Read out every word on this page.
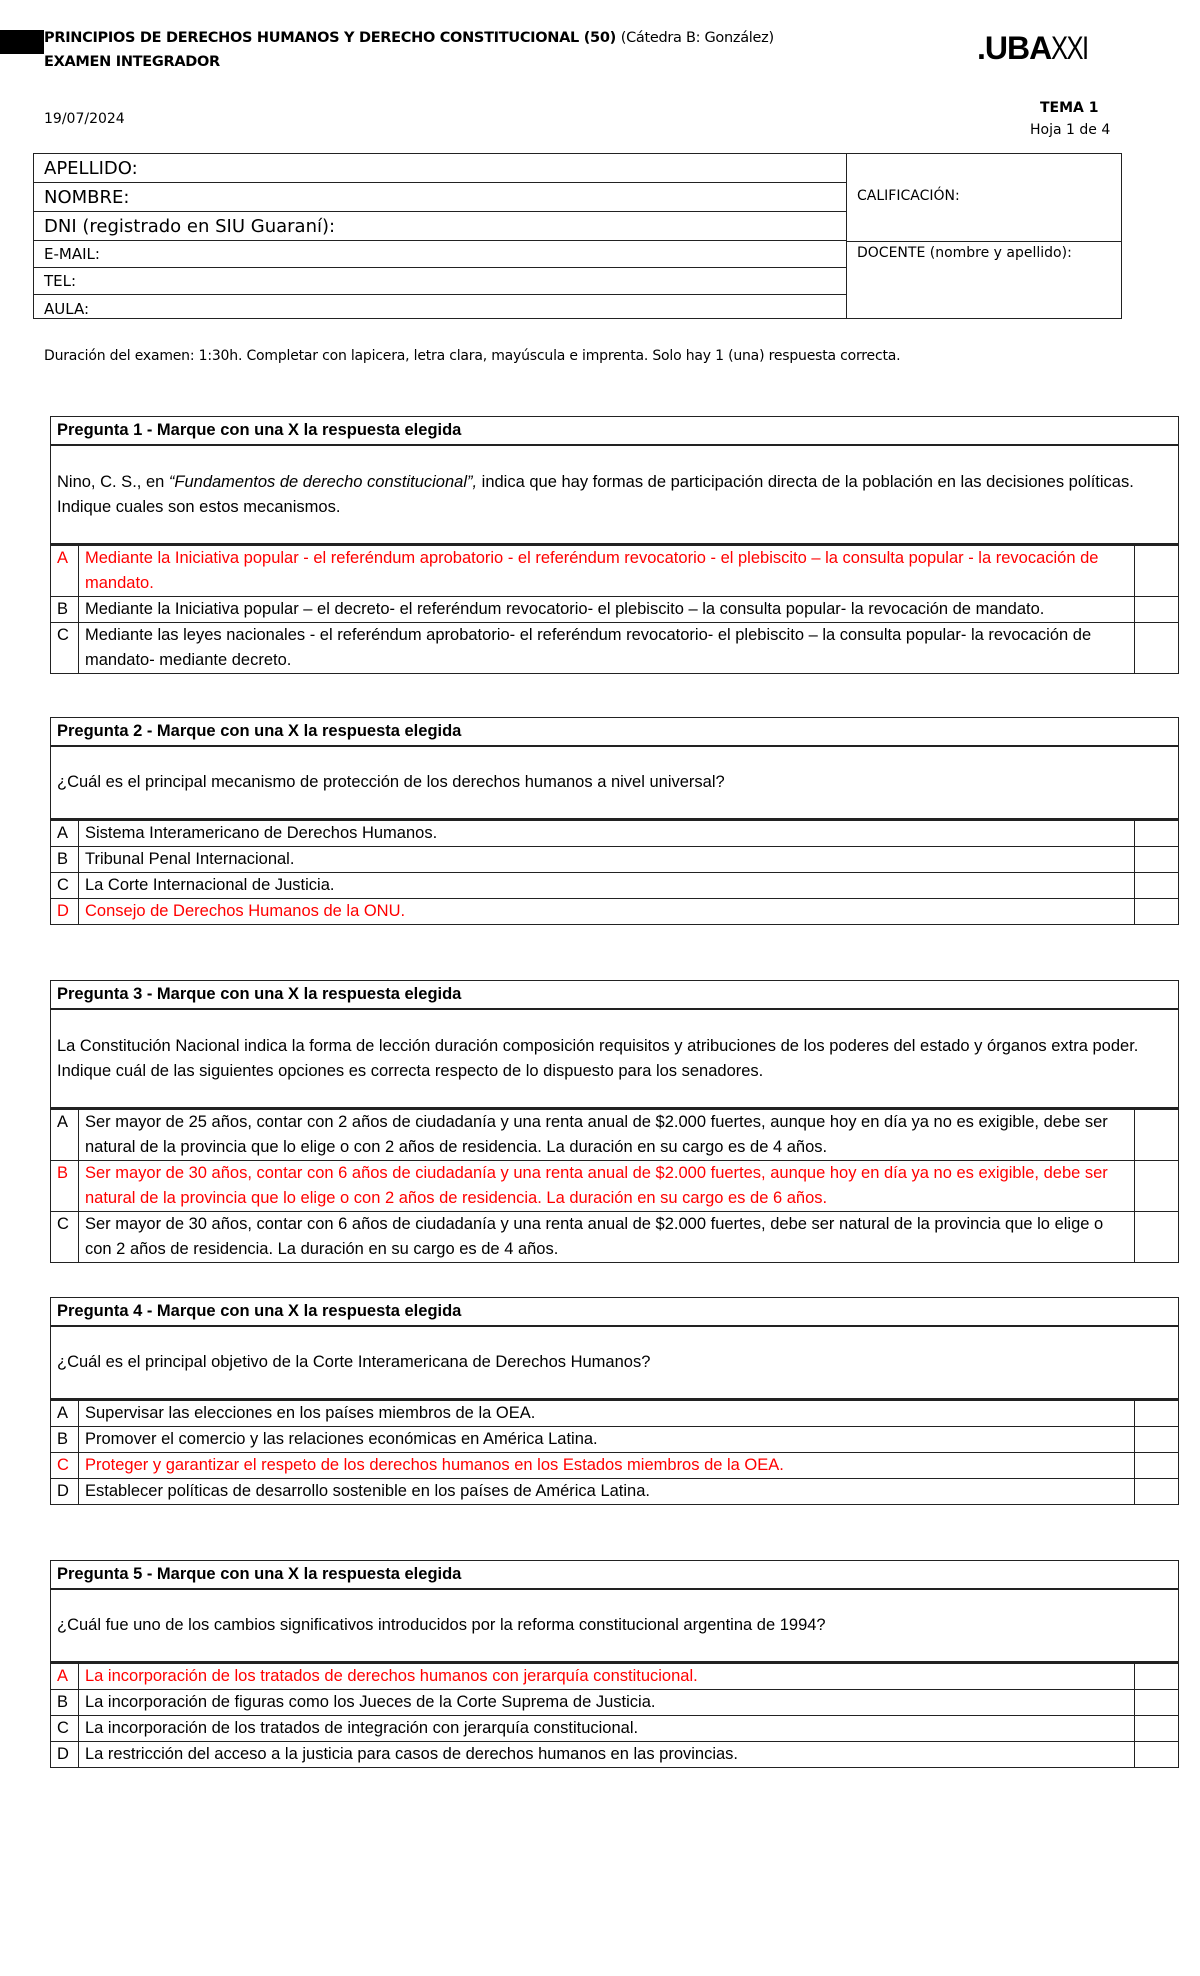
PRINCIPIOS DE DERECHOS HUMANOS Y DERECHO CONSTITUCIONAL (50) (Cátedra B: González)
EXAMEN INTEGRADOR	.UBAXXI
19/07/2024
TEMA 1
Hoja 1 de 4
APELLIDO:
NOMBRE:
DNI (registrado en SIU Guaraní):
E-MAIL:
TEL:
AULA:
CALIFICACIÓN:
DOCENTE (nombre y apellido):
Duración del examen: 1:30h. Completar con lapicera, letra clara, mayúscula e imprenta. Solo hay 1 (una) respuesta correcta.
Pregunta 1 - Marque con una X la respuesta elegida
Nino, C. S., en “Fundamentos de derecho constitucional”, indica que hay formas de participación directa de la población en las decisiones políticas. Indique cuales son estos mecanismos.
A	Mediante la Iniciativa popular - el referéndum aprobatorio - el referéndum revocatorio - el plebiscito – la consulta popular - la revocación de mandato.
B	Mediante la Iniciativa popular – el decreto- el referéndum revocatorio- el plebiscito – la consulta popular- la revocación de mandato.
C Mediante las leyes nacionales - el referéndum aprobatorio- el referéndum revocatorio- el plebiscito – la consulta popular- la revocación de mandato- mediante decreto.
Pregunta 2 - Marque con una X la respuesta elegida
¿Cuál es el principal mecanismo de protección de los derechos humanos a nivel universal?
A	Sistema Interamericano de Derechos Humanos.
B	Tribunal Penal Internacional.
C La Corte Internacional de Justicia.
D Consejo de Derechos Humanos de la ONU.
Pregunta 3 - Marque con una X la respuesta elegida
La Constitución Nacional indica la forma de lección duración composición requisitos y atribuciones de los poderes del estado y órganos extra poder. Indique cuál de las siguientes opciones es correcta respecto de lo dispuesto para los senadores.
A	Ser mayor de 25 años, contar con 2 años de ciudadanía y una renta anual de $2.000 fuertes, aunque hoy en día ya no es exigible, debe ser natural de la provincia que lo elige o con 2 años de residencia. La duración en su cargo es de 4 años.
B	Ser mayor de 30 años, contar con 6 años de ciudadanía y una renta anual de $2.000 fuertes, aunque hoy en día ya no es exigible, debe ser natural de la provincia que lo elige o con 2 años de residencia. La duración en su cargo es de 6 años.
C Ser mayor de 30 años, contar con 6 años de ciudadanía y una renta anual de $2.000 fuertes, debe ser natural de la provincia que lo elige o con 2 años de residencia. La duración en su cargo es de 4 años.
Pregunta 4 - Marque con una X la respuesta elegida
¿Cuál es el principal objetivo de la Corte Interamericana de Derechos Humanos?
A	Supervisar las elecciones en los países miembros de la OEA.
B	Promover el comercio y las relaciones económicas en América Latina.
C Proteger y garantizar el respeto de los derechos humanos en los Estados miembros de la OEA.
D Establecer políticas de desarrollo sostenible en los países de América Latina.
Pregunta 5 - Marque con una X la respuesta elegida
¿Cuál fue uno de los cambios significativos introducidos por la reforma constitucional argentina de 1994?
A	La incorporación de los tratados de derechos humanos con jerarquía constitucional.
B	La incorporación de figuras como los Jueces de la Corte Suprema de Justicia.
C La incorporación de los tratados de integración con jerarquía constitucional.
D La restricción del acceso a la justicia para casos de derechos humanos en las provincias.
